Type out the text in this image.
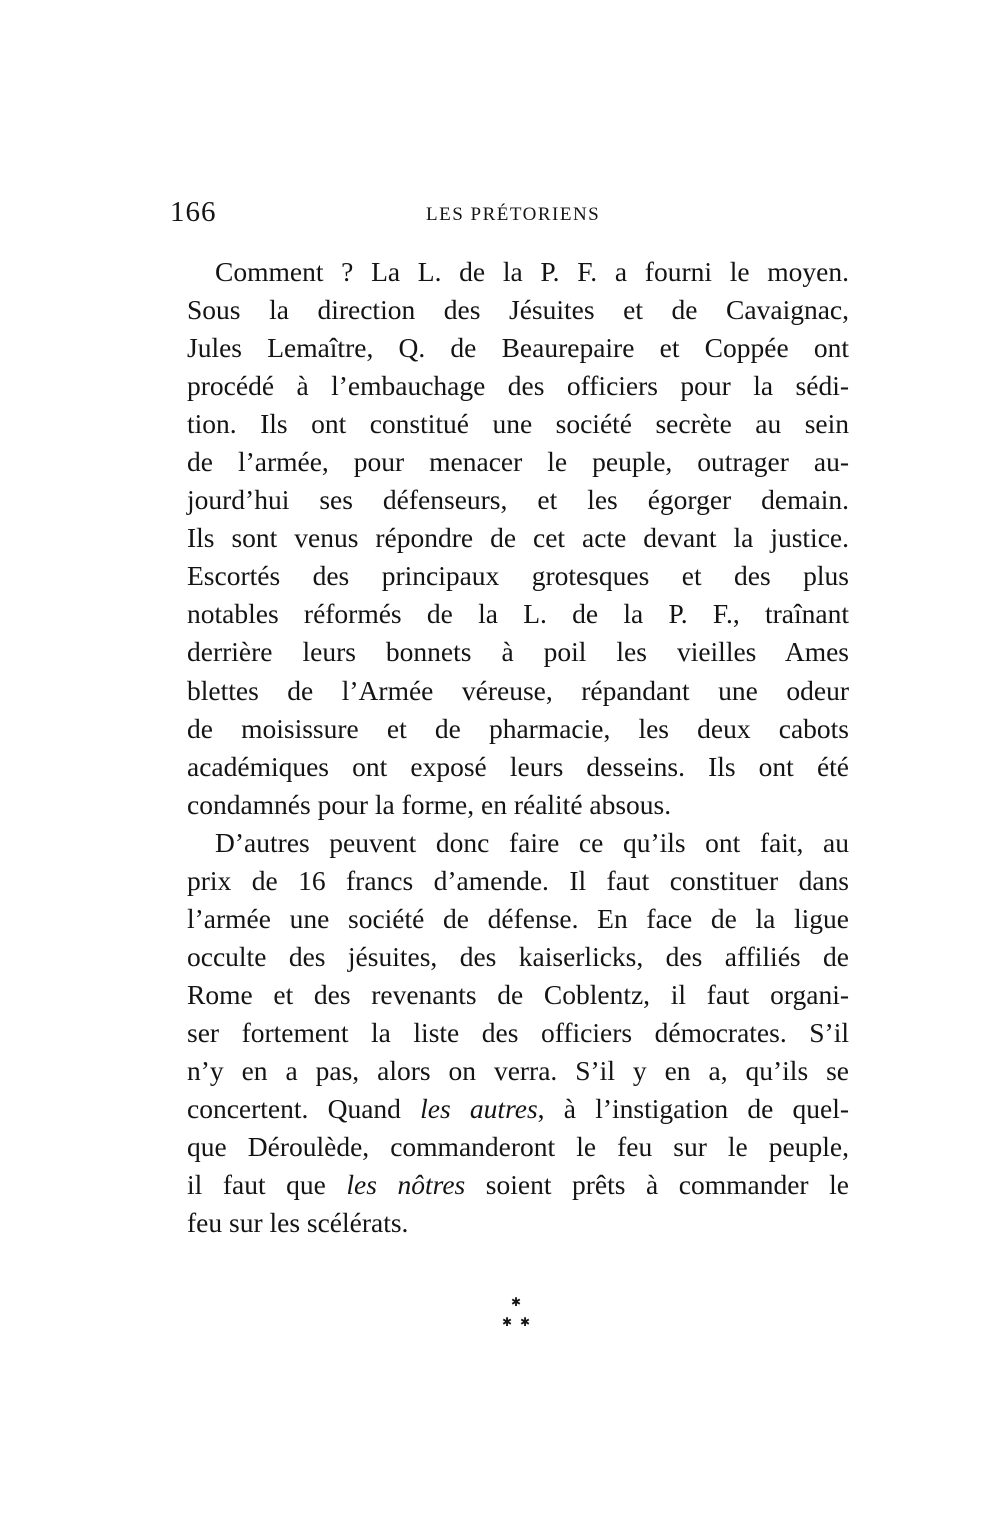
166	LES PRÉTORIENS
Comment ? La L. de la P. F. a fourni le moyen.
Sous la direction des Jésuites et de Cavaignac,
Jules Lemaître, Q. de Beaurepaire et Coppée ont
procédé à l’embauchage des officiers pour la sédi-
tion. Ils ont constitué une société secrète au sein
de l’armée, pour menacer le peuple, outrager au-
jourd’hui ses défenseurs, et les égorger demain.
Ils sont venus répondre de cet acte devant la justice.
Escortés des principaux grotesques et des plus
notables réformés de la L. de la P. F., traînant
derrière leurs bonnets à poil les vieilles Ames
blettes de l’Armée véreuse, répandant une odeur
de moisissure et de pharmacie, les deux cabots
académiques ont exposé leurs desseins. Ils ont été
condamnés pour la forme, en réalité absous.
D’autres peuvent donc faire ce qu’ils ont fait, au
prix de 16 francs d’amende. Il faut constituer dans
l’armée une société de défense. En face de la ligue
occulte des jésuites, des kaiserlicks, des affiliés de
Rome et des revenants de Coblentz, il faut organi-
ser fortement la liste des officiers démocrates. S’il
n’y en a pas, alors on verra. S’il y en a, qu’ils se
concertent. Quand les autres, à l’instigation de quel-
que Déroulède, commanderont le feu sur le peuple,
il faut que les nôtres soient prêts à commander le
feu sur les scélérats.
✱
✱ ✱
